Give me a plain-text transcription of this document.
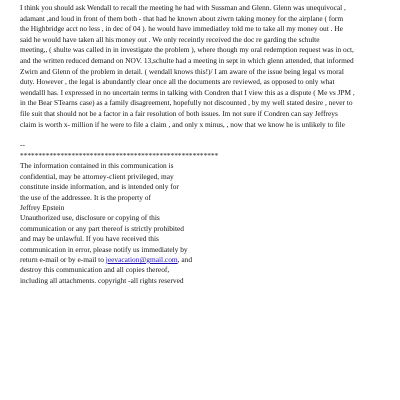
I think you should ask Wendall to recall the meeting he had with Sussman and Glenn. Glenn was unequivocal ,
adamant ,and loud in front of them both - that had he known about ziwrn taking money for the airplane ( form
the Highbridge acct no less , in dec of 04 ). he would have immediatley told me to take all my money out . He
said he would have taken all his money out . We only receintly received the doc re garding the schulte
meeting,, ( shulte was called in in investigate the problem ), where though my oral redemption request was in oct,
and the written reduced demand on NOV. 13,schulte had a meeting in sept in which glenn attended, that informed
Zwirn and Glenn of the problem in detail. ( wendall knows this!)/ I am aware of the issue being legal vs moral
duty. However , the legal is abundantly clear once all the documents are reviewed, as opposed to only what
wendalll has. I expressed in no uncertain terms in talking with Condren that I view this as a dispute ( Me vs JPM ,
in the Bear STearns case) as a family disagreement, hopefully not discounted , by my well stated desire , never to
file suit that should not be a factor in a fair resolution of both issues. Im not sure if Condren can say Jeffreys
claim is worth x- million if he were to file a claim , and only x minus, , now that we know he is unlikely to file
--
******************************************************
The information contained in this communication is
confidential, may be attorney-client privileged, may
constitute inside information, and is intended only for
the use of the addressee. It is the property of
Jeffrey Epstein
Unauthorized use, disclosure or copying of this
communication or any part thereof is strictly prohibited
and may be unlawful. If you have received this
communication in error, please notify us immediately by
return e-mail or by e-mail to jeevacation@gmail.com, and
destroy this communication and all copies thereof,
including all attachments. copyright -all rights reserved
